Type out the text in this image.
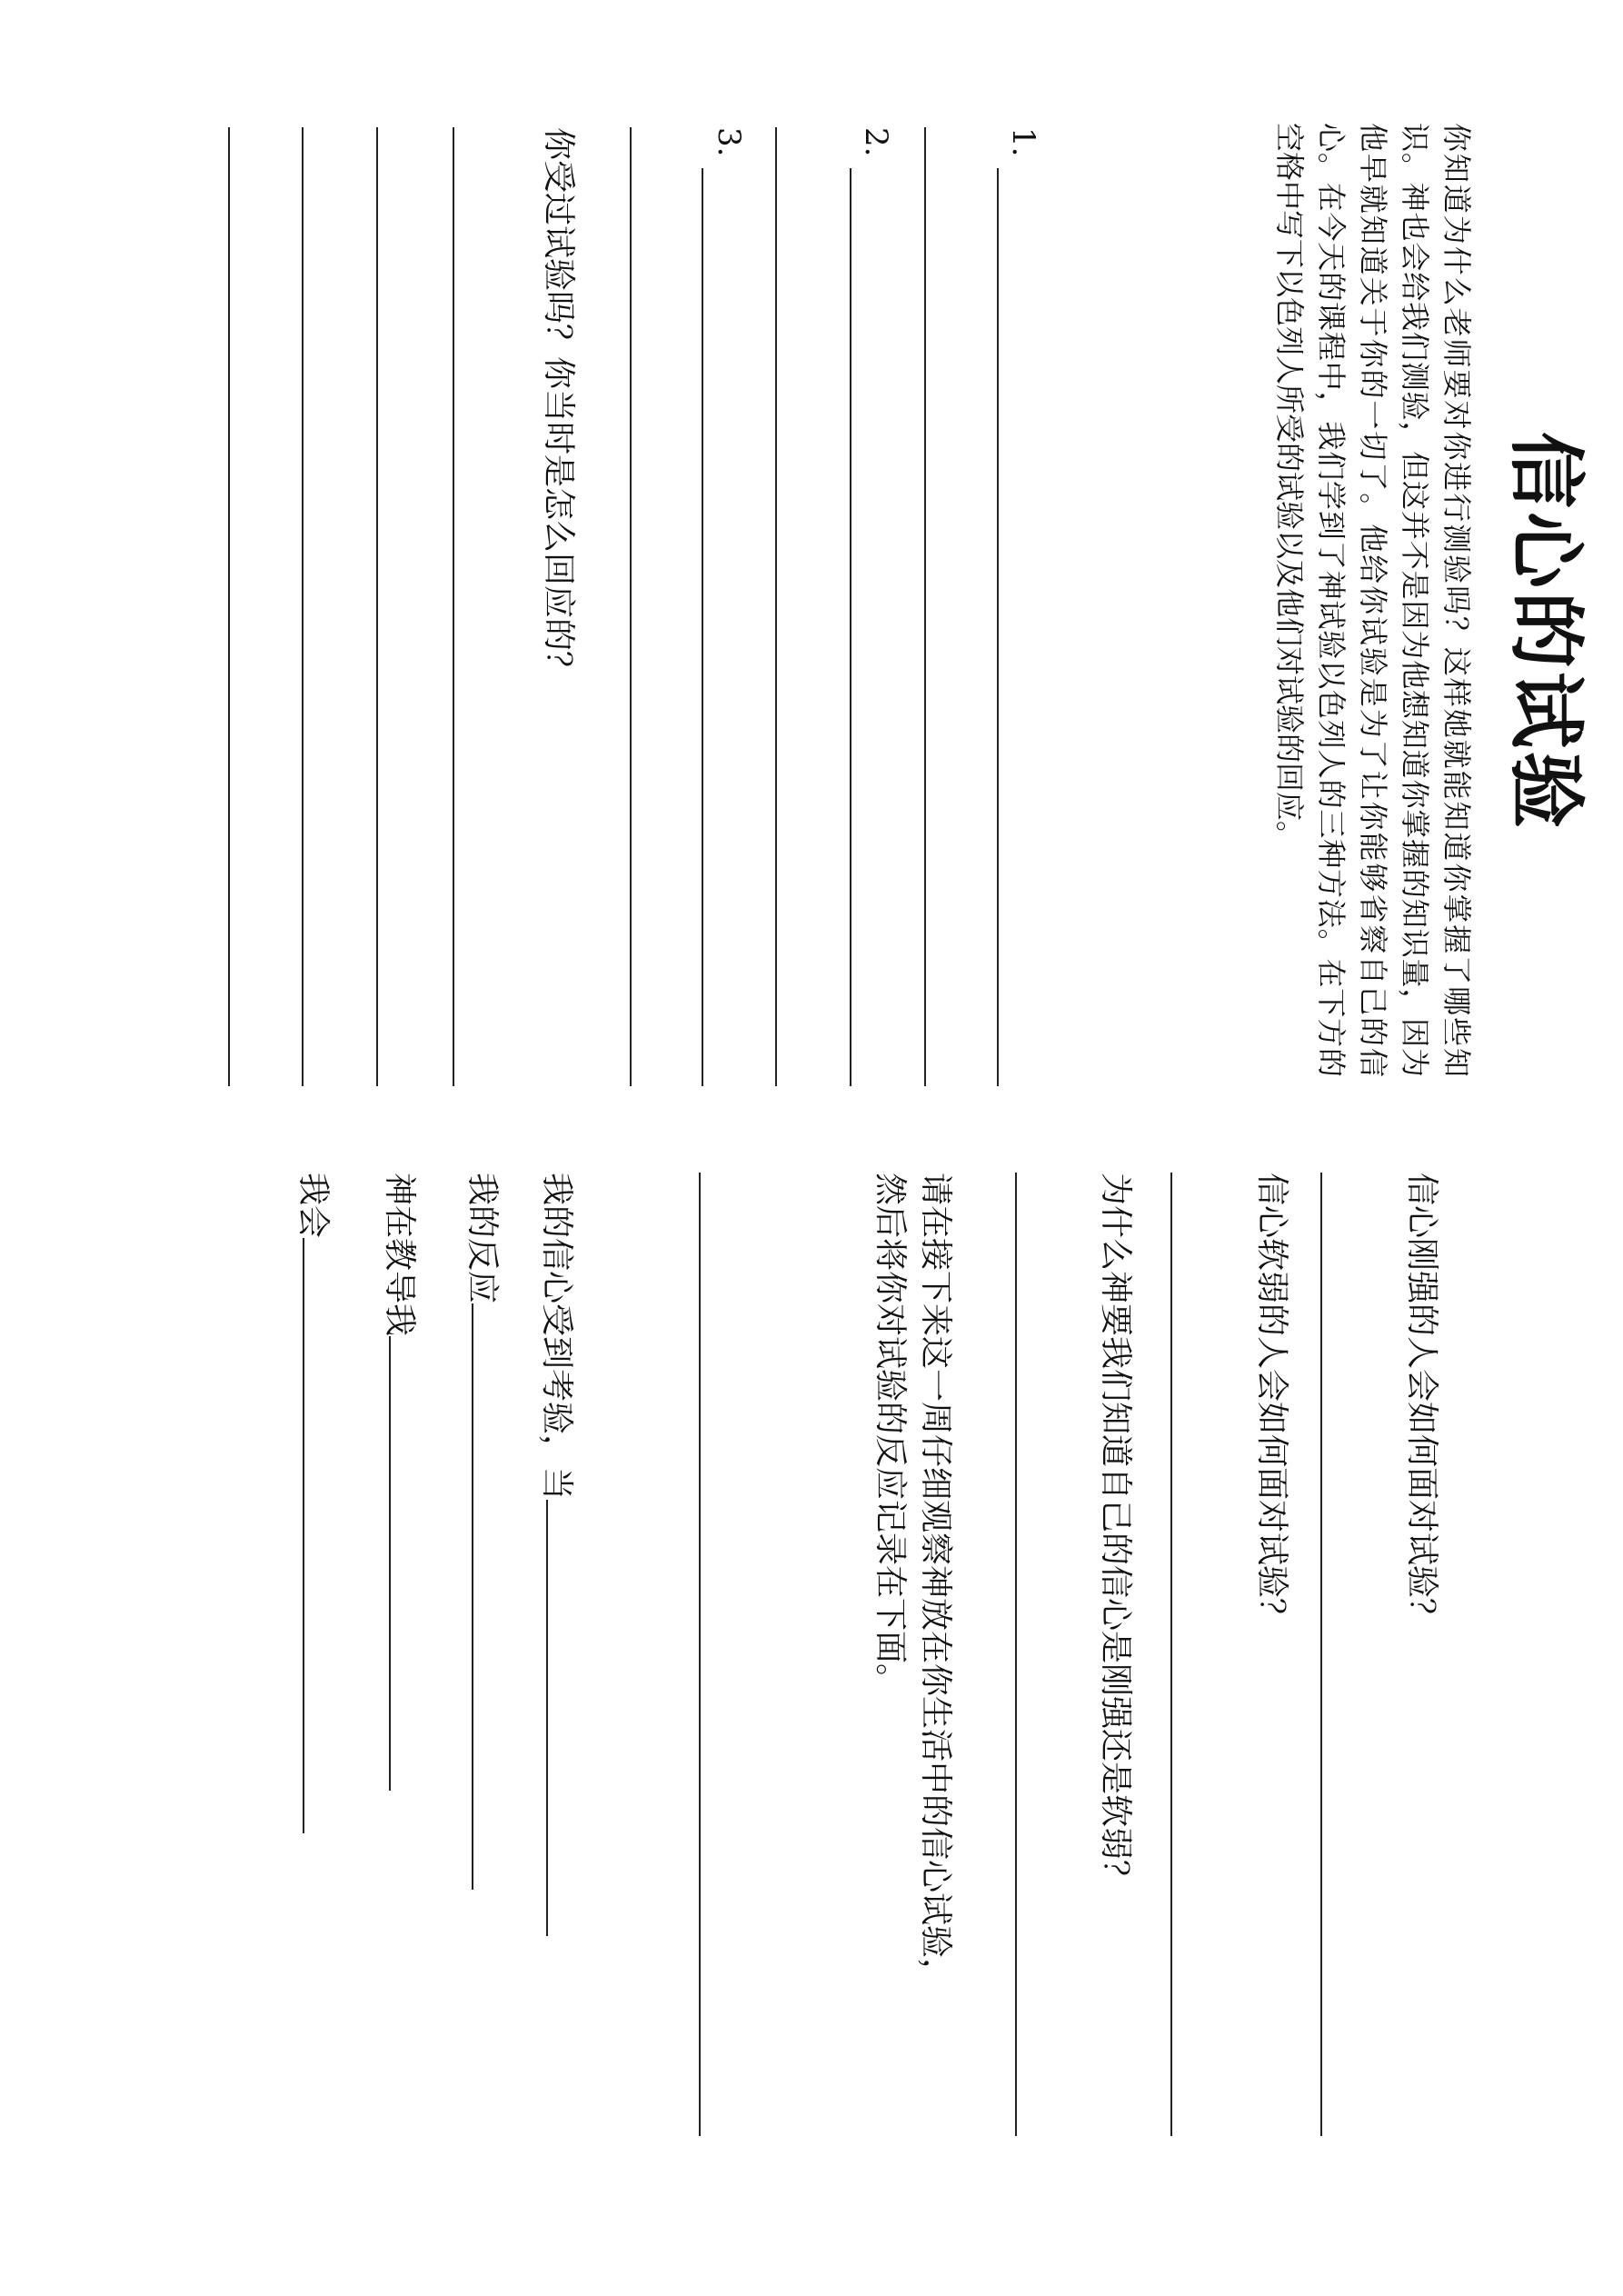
信心的试验
你知道为什么老师要对你进行测验吗？这样她就能知道你掌握了哪些知识。神也会给我们测验，但这并不是因为他想知道你掌握的知识量，因为他早就知道关于你的一切了。他给你试验是为了让你能够省察自己的信心。在今天的课程中，我们学到了神试验以色列人的三种方法。在下方的空格中写下以色列人所受的试验以及他们对试验的回应。
1.
2.
3.
你受过试验吗？你当时是怎么回应的？
信心刚强的人会如何面对试验？
信心软弱的人会如何面对试验？
为什么神要我们知道自己的信心是刚强还是软弱？
请在接下来这一周仔细观察神放在你生活中的信心试验，
然后将你对试验的反应记录在下面。
我的信心受到考验，当
我的反应
神在教导我
我会
